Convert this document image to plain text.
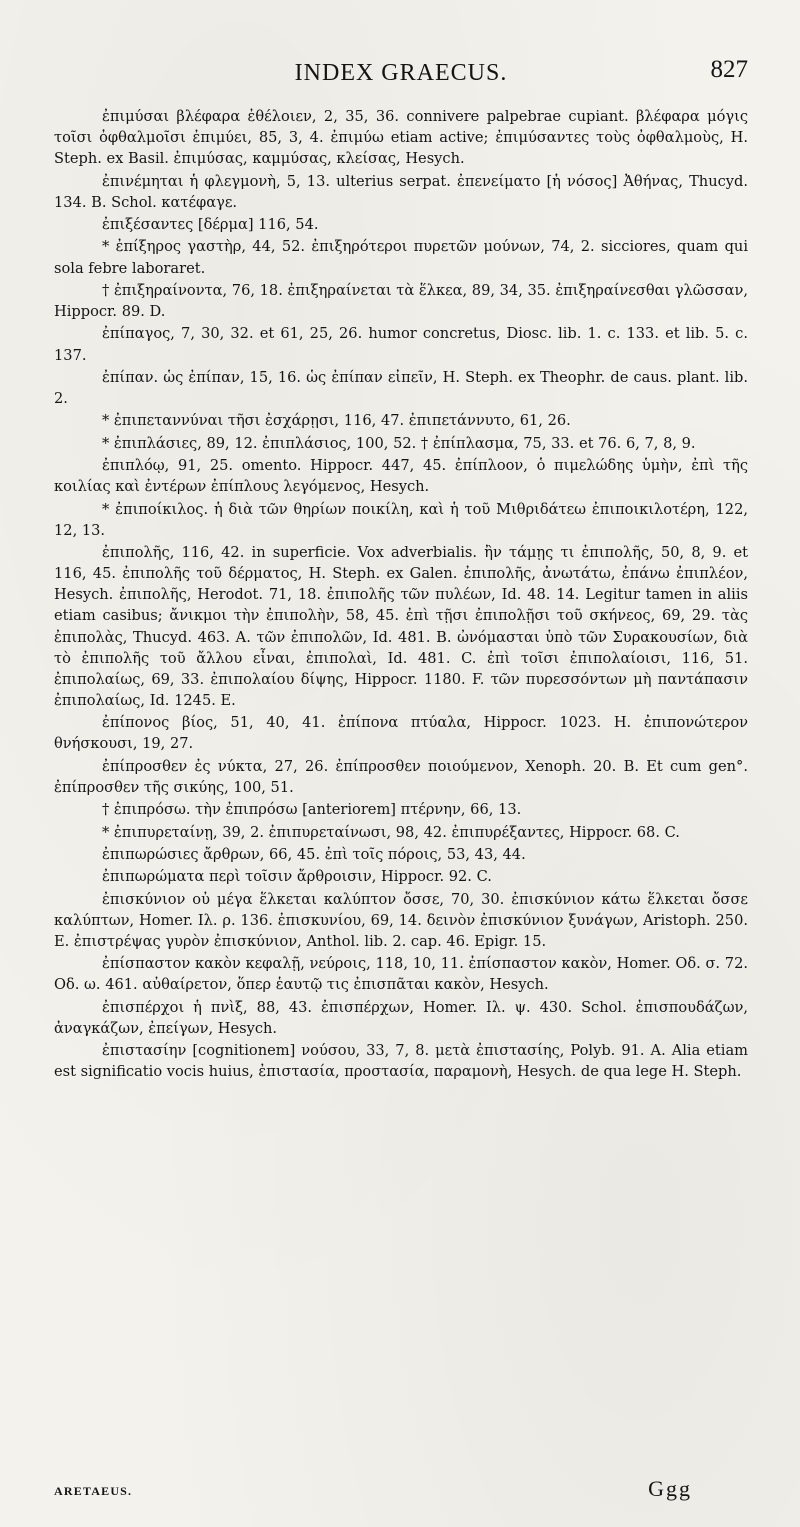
INDEX GRAECUS.	827

ἐπιμύσαι βλέφαρα ἐθέλοιεν, 2, 35, 36. connivere palpebrae cupiant. βλέφαρα μόγις τοῖσι ὀφθαλμοῖσι ἐπιμύει, 85, 3, 4. ἐπιμύω etiam active; ἐπιμύσαντες τοὺς ὀφθαλμοὺς, H. Steph. ex Basil. ἐπιμύσας, καμμύσας, κλείσας, Hesych.

ἐπινέμηται ἡ φλεγμονὴ, 5, 13. ulterius serpat. ἐπενείματο [ἡ νόσος] Ἀθήνας, Thucyd. 134. B. Schol. κατέφαγε.

ἐπιξέσαντες [δέρμα] 116, 54.

* ἐπίξηρος γαστὴρ, 44, 52. ἐπιξηρότεροι πυρετῶν μούνων, 74, 2. sicciores, quam qui sola febre laboraret.

† ἐπιξηραίνοντα, 76, 18. ἐπιξηραίνεται τὰ ἕλκεα, 89, 34, 35. ἐπιξηραίνεσθαι γλῶσσαν, Hippocr. 89. D.

ἐπίπαγος, 7, 30, 32. et 61, 25, 26. humor concretus, Diosc. lib. 1. c. 133. et lib. 5. c. 137.

ἐπίπαν. ὡς ἐπίπαν, 15, 16. ὡς ἐπίπαν εἰπεῖν, H. Steph. ex Theophr. de caus. plant. lib. 2.

* ἐπιπεταννύναι τῆσι ἐσχάρῃσι, 116, 47. ἐπιπετάννυτο, 61, 26.

* ἐπιπλάσιες, 89, 12. ἐπιπλάσιος, 100, 52. † ἐπίπλασμα, 75, 33. et 76. 6, 7, 8, 9.

ἐπιπλόῳ, 91, 25. omento. Hippocr. 447, 45. ἐπίπλοον, ὁ πιμελώδης ὑμὴν, ἐπὶ τῆς κοιλίας καὶ ἐντέρων ἐπίπλους λεγόμενος, Hesych.

* ἐπιποίκιλος. ἡ διὰ τῶν θηρίων ποικίλη, καὶ ἡ τοῦ Μιθριδάτεω ἐπιποικιλοτέρη, 122, 12, 13.

ἐπιπολῆς, 116, 42. in superficie. Vox adverbialis. ἢν τάμῃς τι ἐπιπολῆς, 50, 8, 9. et 116, 45. ἐπιπολῆς τοῦ δέρματος, H. Steph. ex Galen. ἐπιπολῆς, ἀνωτάτω, ἐπάνω ἐπιπλέον, Hesych. ἐπιπολῆς, Herodot. 71, 18. ἐπιπολῆς τῶν πυλέων, Id. 48. 14. Legitur tamen in aliis etiam casibus; ἄνικμοι τὴν ἐπιπολὴν, 58, 45. ἐπὶ τῇσι ἐπιπολῇσι τοῦ σκήνεος, 69, 29. τὰς ἐπιπολὰς, Thucyd. 463. A. τῶν ἐπιπολῶν, Id. 481. B. ὠνόμασται ὑπὸ τῶν Συρακουσίων, διὰ τὸ ἐπιπολῆς τοῦ ἄλλου εἶναι, ἐπιπολαὶ, Id. 481. C. ἐπὶ τοῖσι ἐπιπολαίοισι, 116, 51. ἐπιπολαίως, 69, 33. ἐπιπολαίου δίψης, Hippocr. 1180. F. τῶν πυρεσσόντων μὴ παντάπασιν ἐπιπολαίως, Id. 1245. E.

ἐπίπονος βίος, 51, 40, 41. ἐπίπονα πτύαλα, Hippocr. 1023. H. ἐπιπονώτερον θνήσκουσι, 19, 27.

ἐπίπροσθεν ἐς νύκτα, 27, 26. ἐπίπροσθεν ποιούμενον, Xenoph. 20. B. Et cum gen°. ἐπίπροσθεν τῆς σικύης, 100, 51.

† ἐπιπρόσω. τὴν ἐπιπρόσω [anteriorem] πτέρνην, 66, 13.

* ἐπιπυρεταίνῃ, 39, 2. ἐπιπυρεταίνωσι, 98, 42. ἐπιπυρέξαντες, Hippocr. 68. C.

ἐπιπωρώσιες ἄρθρων, 66, 45. ἐπὶ τοῖς πόροις, 53, 43, 44.

ἐπιπωρώματα περὶ τοῖσιν ἄρθροισιν, Hippocr. 92. C.

ἐπισκύνιον οὐ μέγα ἕλκεται καλύπτον ὄσσε, 70, 30. ἐπισκύνιον κάτω ἕλκεται ὄσσε καλύπτων, Homer. Ιλ. ρ. 136. ἐπισκυνίου, 69, 14. δεινὸν ἐπισκύνιον ξυνάγων, Aristoph. 250. E. ἐπιστρέψας γυρὸν ἐπισκύνιον, Anthol. lib. 2. cap. 46. Epigr. 15.

ἐπίσπαστον κακὸν κεφαλῇ, νεύροις, 118, 10, 11. ἐπίσπαστον κακὸν, Homer. Οδ. σ. 72. Οδ. ω. 461. αὐθαίρετον, ὅπερ ἑαυτῷ τις ἐπισπᾶται κακὸν, Hesych.

ἐπισπέρχοι ἡ πνὶξ, 88, 43. ἐπισπέρχων, Homer. Ιλ. ψ. 430. Schol. ἐπισπουδάζων, ἀναγκάζων, ἐπείγων, Hesych.

ἐπιστασίην [cognitionem] νούσου, 33, 7, 8. μετὰ ἐπιστασίης, Polyb. 91. A. Alia etiam est significatio vocis huius, ἐπιστασία, προστασία, παραμονὴ, Hesych. de qua lege H. Steph.

ARETAEUS.	Ggg
